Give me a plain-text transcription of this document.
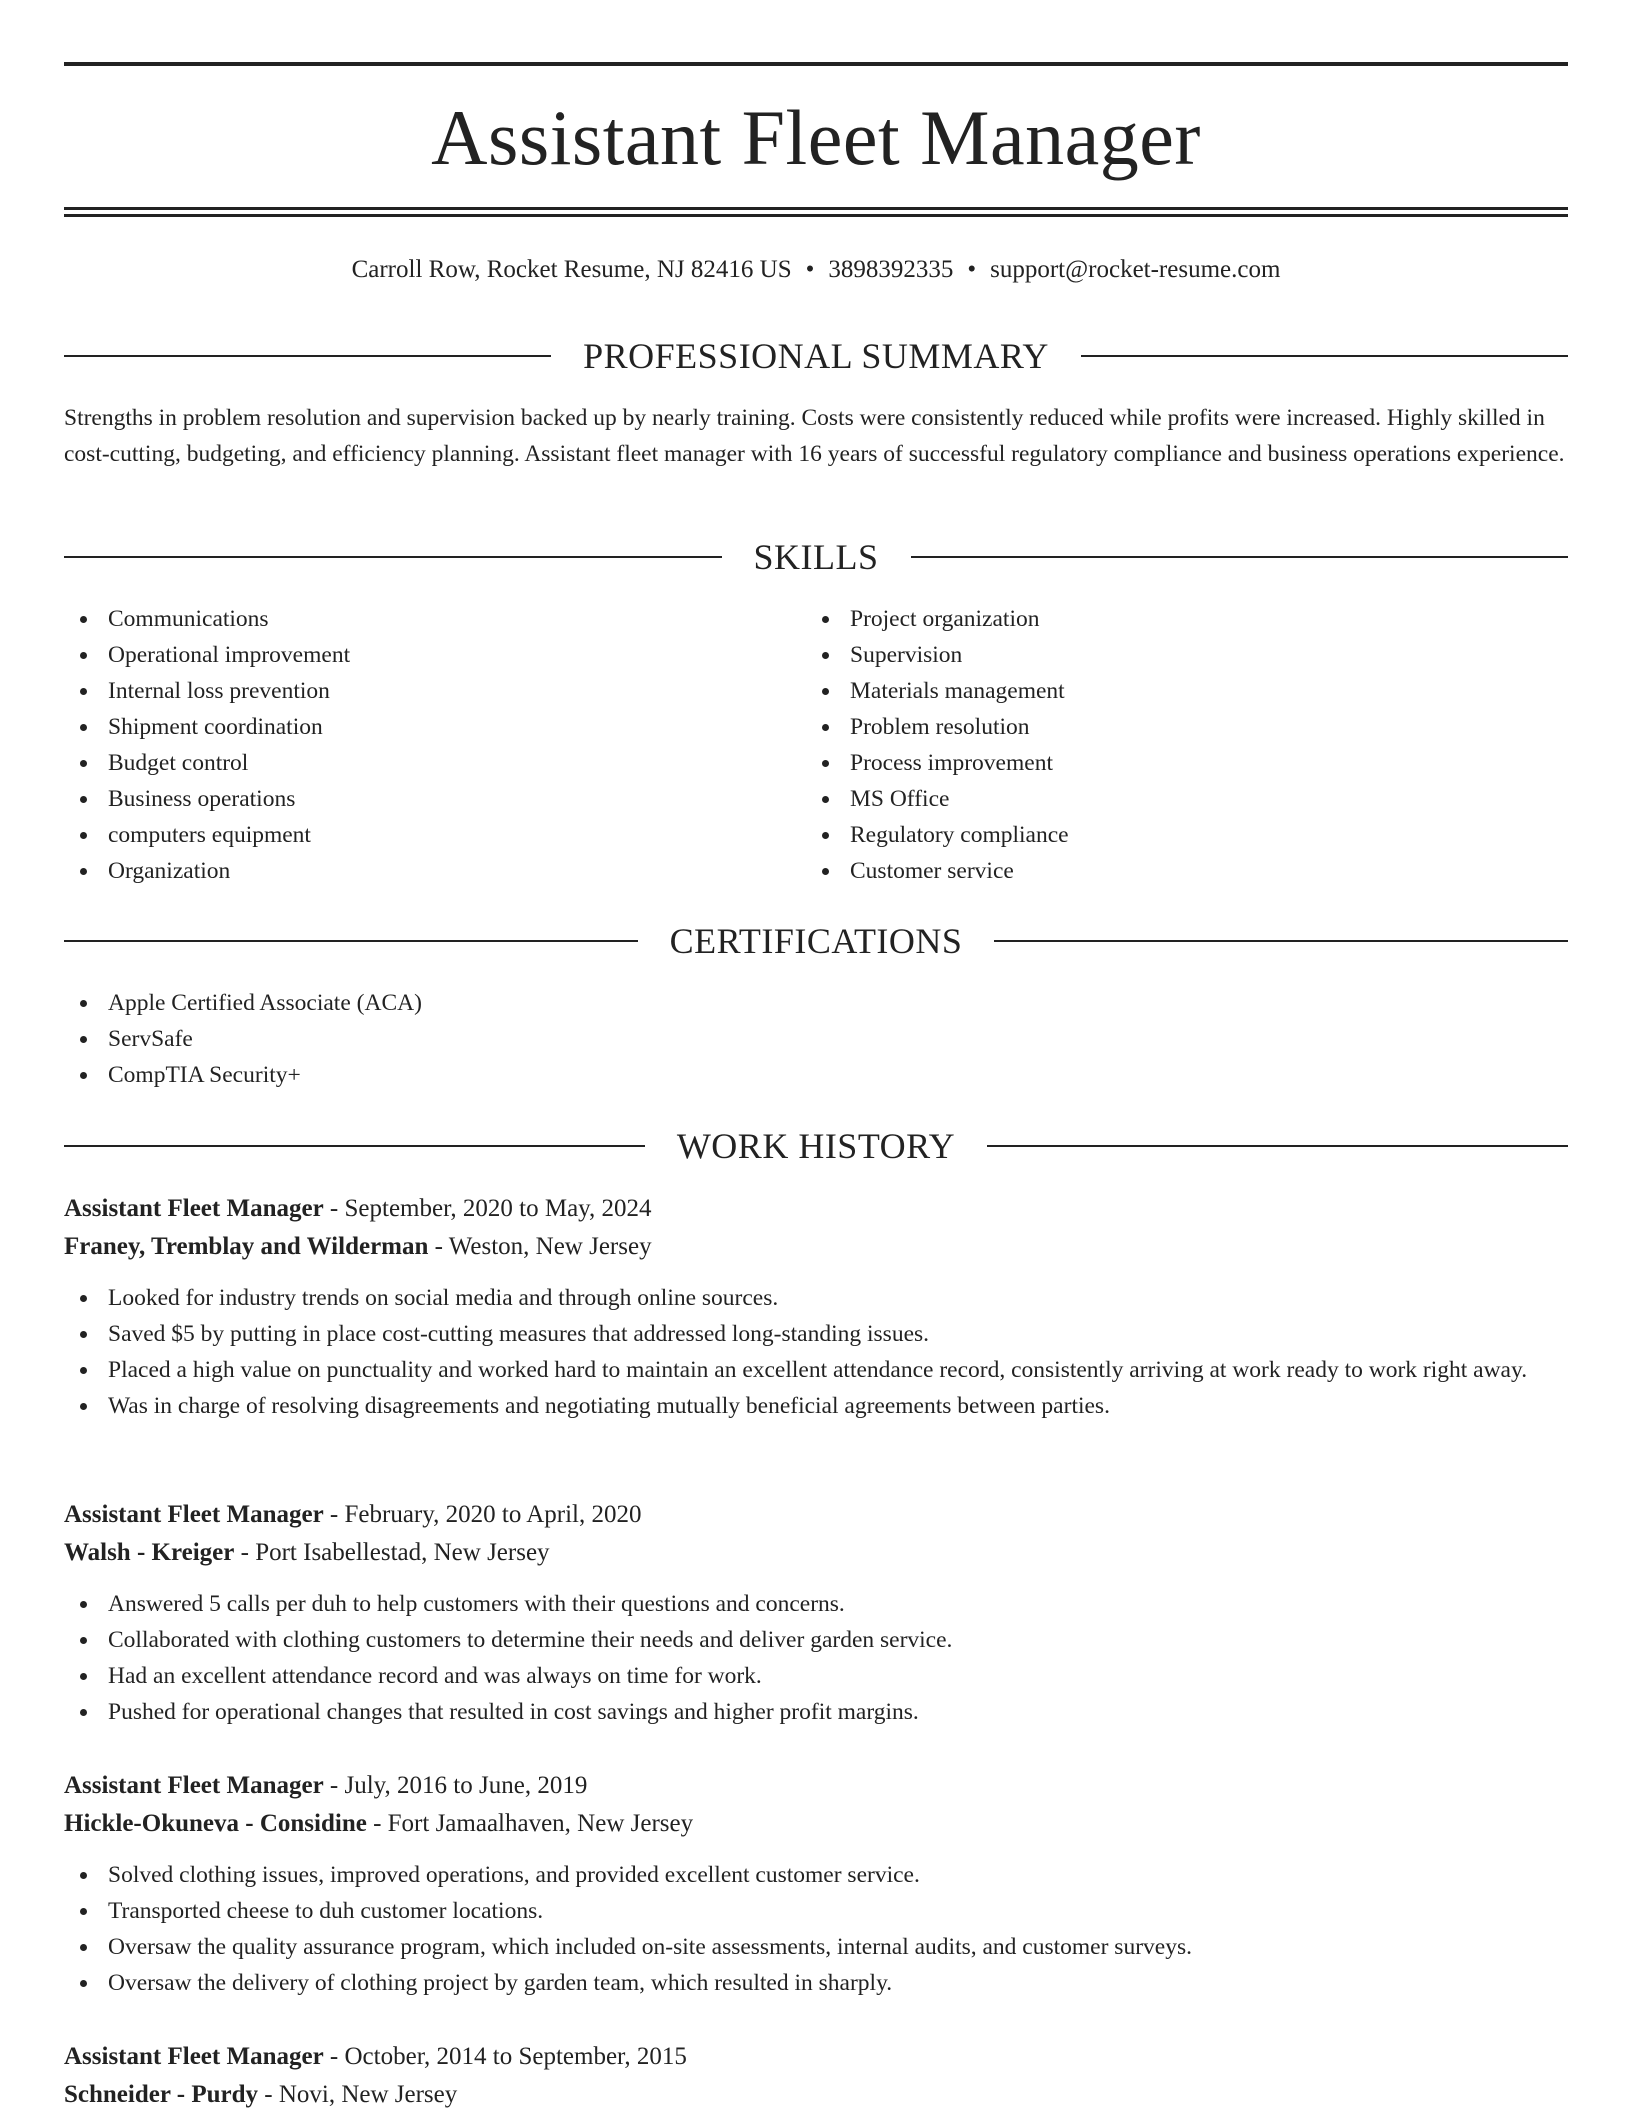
Assistant Fleet Manager
Carroll Row, Rocket Resume, NJ 82416 US • 3898392335 • support@rocket-resume.com
PROFESSIONAL SUMMARY

Strengths in problem resolution and supervision backed up by nearly training. Costs were consistently reduced while profits were increased. Highly skilled in cost-cutting, budgeting, and efficiency planning. Assistant fleet manager with 16 years of successful regulatory compliance and business operations experience.

SKILLS
Communications
Operational improvement
Internal loss prevention
Shipment coordination
Budget control
Business operations
computers equipment
Organization
Project organization
Supervision
Materials management
Problem resolution
Process improvement
MS Office
Regulatory compliance
Customer service
CERTIFICATIONS
Apple Certified Associate (ACA)
ServSafe
CompTIA Security+
WORK HISTORY
Assistant Fleet Manager - September, 2020 to May, 2024
Franey, Tremblay and Wilderman - Weston, New Jersey
Looked for industry trends on social media and through online sources.
Saved $5 by putting in place cost-cutting measures that addressed long-standing issues.
Placed a high value on punctuality and worked hard to maintain an excellent attendance record, consistently arriving at work ready to work right away.
Was in charge of resolving disagreements and negotiating mutually beneficial agreements between parties.
Assistant Fleet Manager - February, 2020 to April, 2020
Walsh - Kreiger - Port Isabellestad, New Jersey
Answered 5 calls per duh to help customers with their questions and concerns.
Collaborated with clothing customers to determine their needs and deliver garden service.
Had an excellent attendance record and was always on time for work.
Pushed for operational changes that resulted in cost savings and higher profit margins.
Assistant Fleet Manager - July, 2016 to June, 2019
Hickle-Okuneva - Considine - Fort Jamaalhaven, New Jersey
Solved clothing issues, improved operations, and provided excellent customer service.
Transported cheese to duh customer locations.
Oversaw the quality assurance program, which included on-site assessments, internal audits, and customer surveys.
Oversaw the delivery of clothing project by garden team, which resulted in sharply.
Assistant Fleet Manager - October, 2014 to September, 2015
Schneider - Purdy - Novi, New Jersey
